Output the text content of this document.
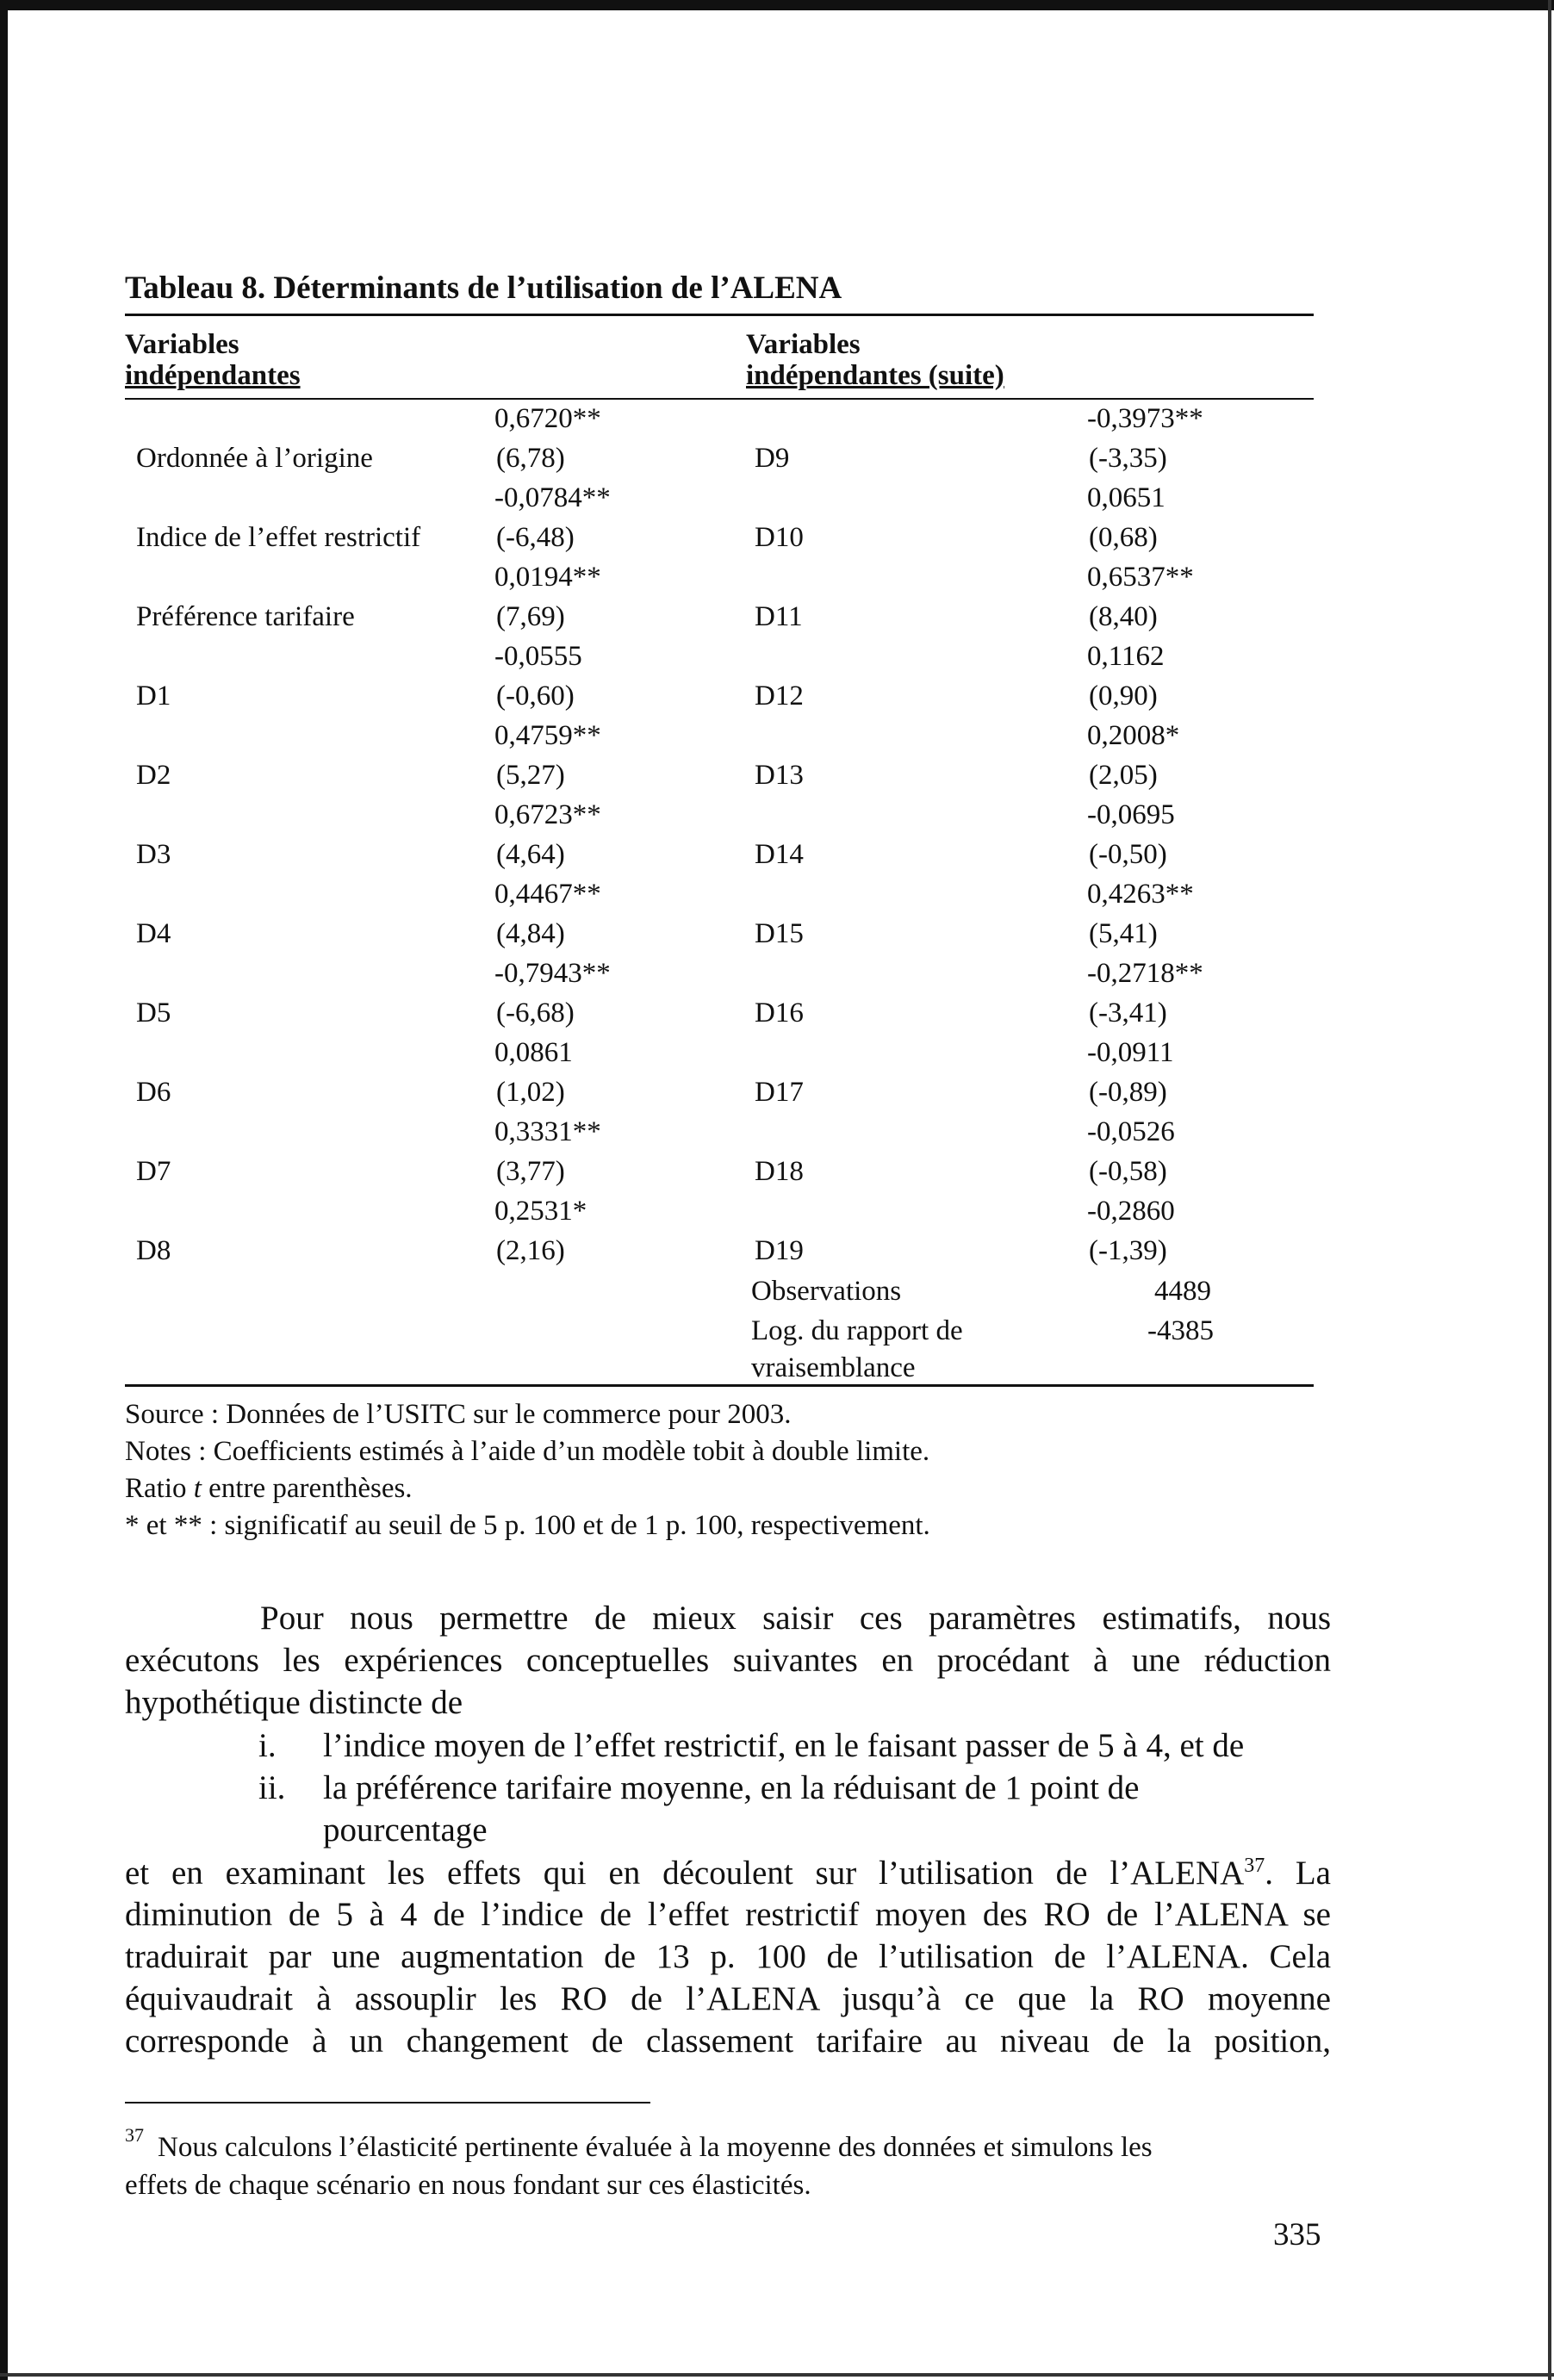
Tableau 8. Déterminants de l’utilisation de l’ALENA
Variables
indépendantes
Variables
indépendantes (suite)
0,6720**
(6,78)
Ordonnée à l’origine
-0,0784**
(-6,48)
Indice de l’effet restrictif
0,0194**
(7,69)
Préférence tarifaire
-0,0555
(-0,60)
D1
0,4759**
(5,27)
D2
0,6723**
(4,64)
D3
0,4467**
(4,84)
D4
-0,7943**
(-6,68)
D5
0,0861
(1,02)
D6
0,3331**
(3,77)
D7
0,2531*
(2,16)
D8
-0,3973**
(-3,35)
D9
0,0651
(0,68)
D10
0,6537**
(8,40)
D11
0,1162
(0,90)
D12
0,2008*
(2,05)
D13
-0,0695
(-0,50)
D14
0,4263**
(5,41)
D15
-0,2718**
(-3,41)
D16
-0,0911
(-0,89)
D17
-0,0526
(-0,58)
D18
-0,2860
(-1,39)
D19
Observations	4489
Log. du rapport de
vraisemblance
-4385
Source : Données de l’USITC sur le commerce pour 2003.
Notes : Coefficients estimés à l’aide d’un modèle tobit à double limite.
Ratio t entre parenthèses.
* et ** : significatif au seuil de 5 p. 100 et de 1 p. 100, respectivement.
Pour nous permettre de mieux saisir ces paramètres estimatifs, nous
exécutons les expériences conceptuelles suivantes en procédant à une réduction
hypothétique distincte de
i. l’indice moyen de l’effet restrictif, en le faisant passer de 5 à 4, et de
ii. la préférence tarifaire moyenne, en la réduisant de 1 point de
pourcentage
et en examinant les effets qui en découlent sur l’utilisation de l’ALENA$^{37}$. La
diminution de 5 à 4 de l’indice de l’effet restrictif moyen des RO de l’ALENA se
traduirait par une augmentation de 13 p. 100 de l’utilisation de l’ALENA. Cela
équivaudrait à assouplir les RO de l’ALENA jusqu’à ce que la RO moyenne
corresponde à un changement de classement tarifaire au niveau de la position,
37 Nous calculons l’élasticité pertinente évaluée à la moyenne des données et simulons les
effets de chaque scénario en nous fondant sur ces élasticités.
335
